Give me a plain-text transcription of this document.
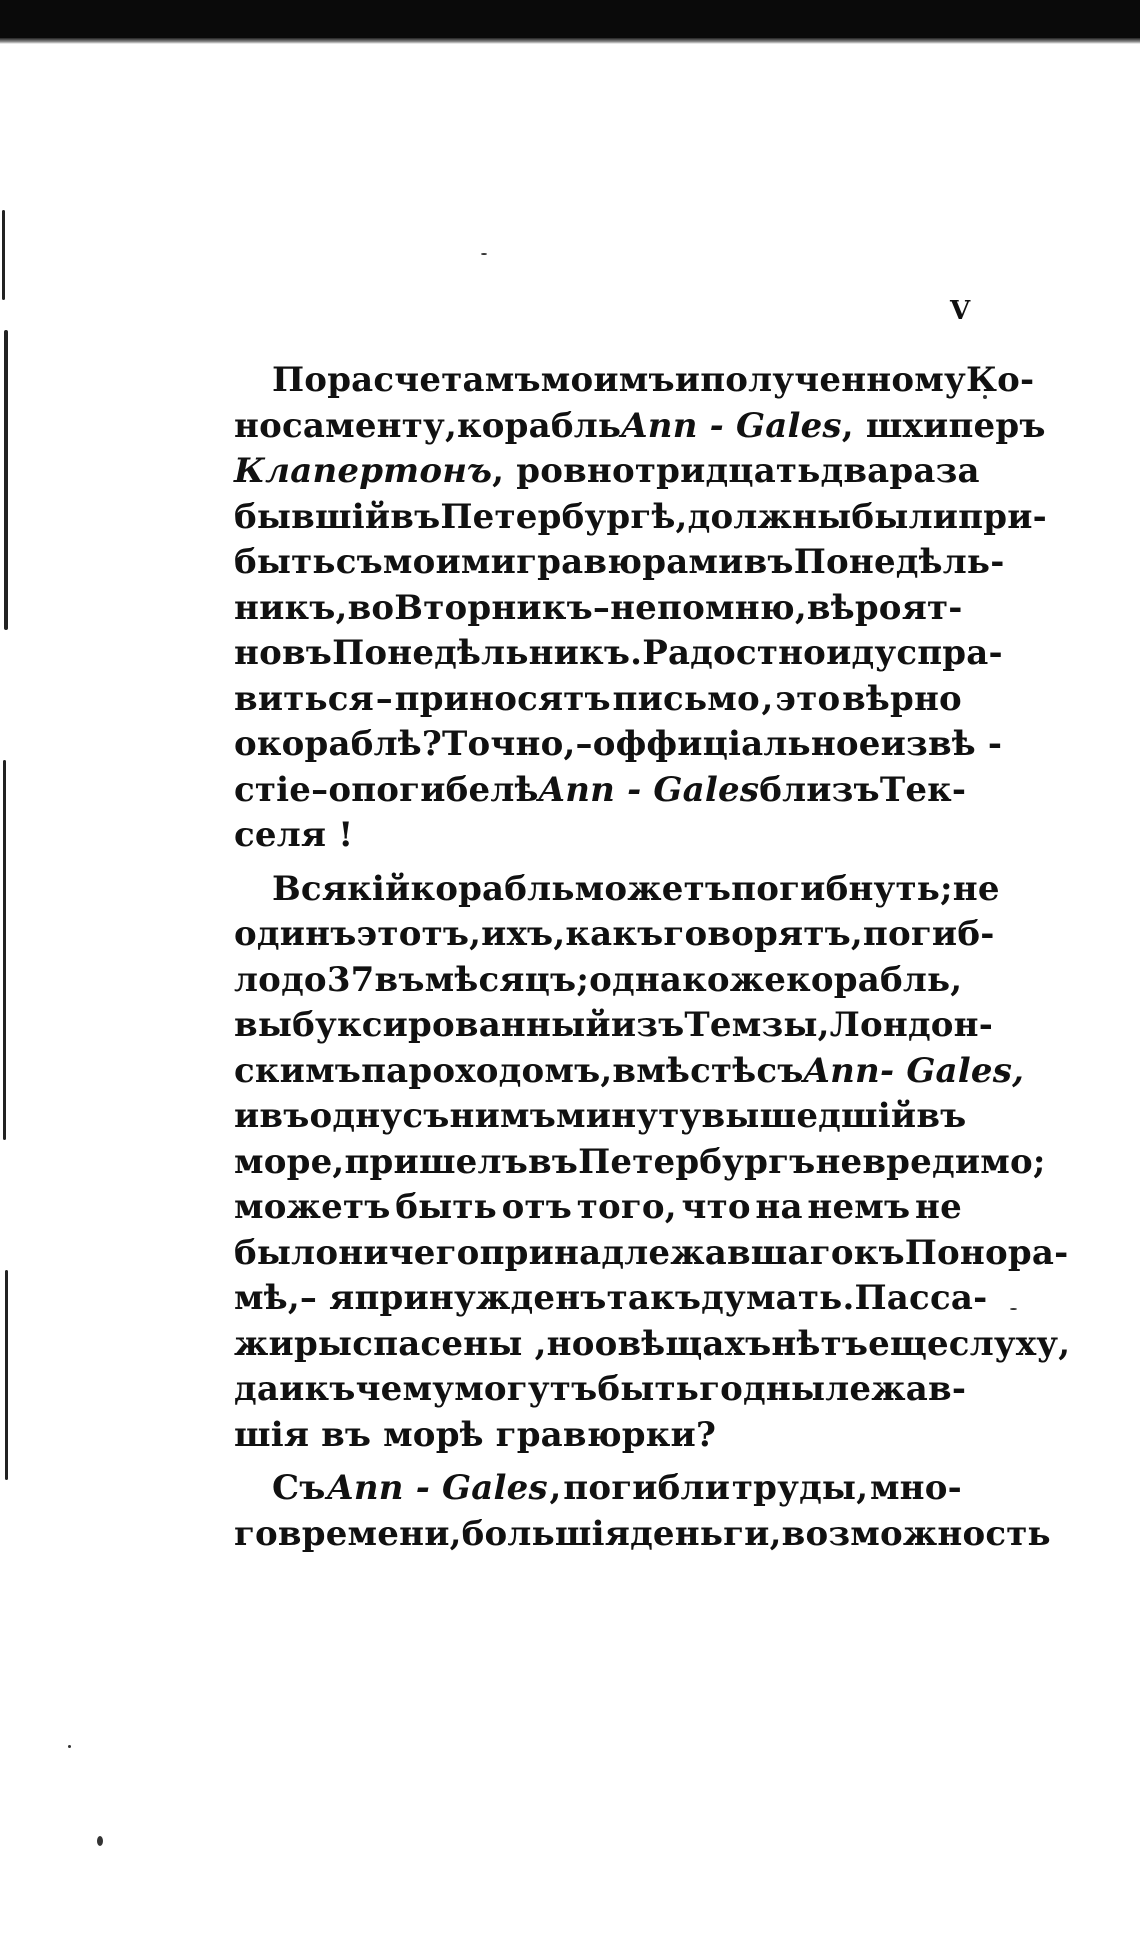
V
По расчетамъ моимъ и полученному Ко-
носаменту, корабль Ann - Gales , шхиперъ
Клапертонъ , ровно тридцать два раза
бывшій въ Петербургѣ, должны были при-
быть съ моими гравюрами въ Понедѣль-
никъ, во Вторникъ – не помню, вѣроят-
но въ Понедѣльникъ. Радостно иду спра-
виться – приносятъ письмо , это вѣрно
о кораблѣ? Точно, – оффиціальное извѣ -
стіе – о погибелѣ Ann - Gales близъ Тек-
селя !
Всякій корабль можетъ погибнуть; не
одинъ этотъ, ихъ, какъ говорятъ, погиб-
ло до 37 въ мѣсяцъ ; однако же корабль,
выбуксированный изъ Темзы , Лондон-
скимъ пароходомъ, вмѣстѣ съ Ann- Gales,
и въ одну съ нимъ минуту вышедшій въ
море, пришелъ въ Петербургъ невредимо;
можетъ быть отъ того, что на немъ не
было ничего принадлежавшаго къ Понора-
мѣ, – я принужденъ такъ думать. Пасса-
жиры спасены , но о вѣщахъ нѣтъ еще слуху,
да и къ чему могутъ быть годны лежав-
шія въ морѣ гравюрки?
Съ Ann - Gales , погибли труды, мно-
го времени, большія деньги , возможность
